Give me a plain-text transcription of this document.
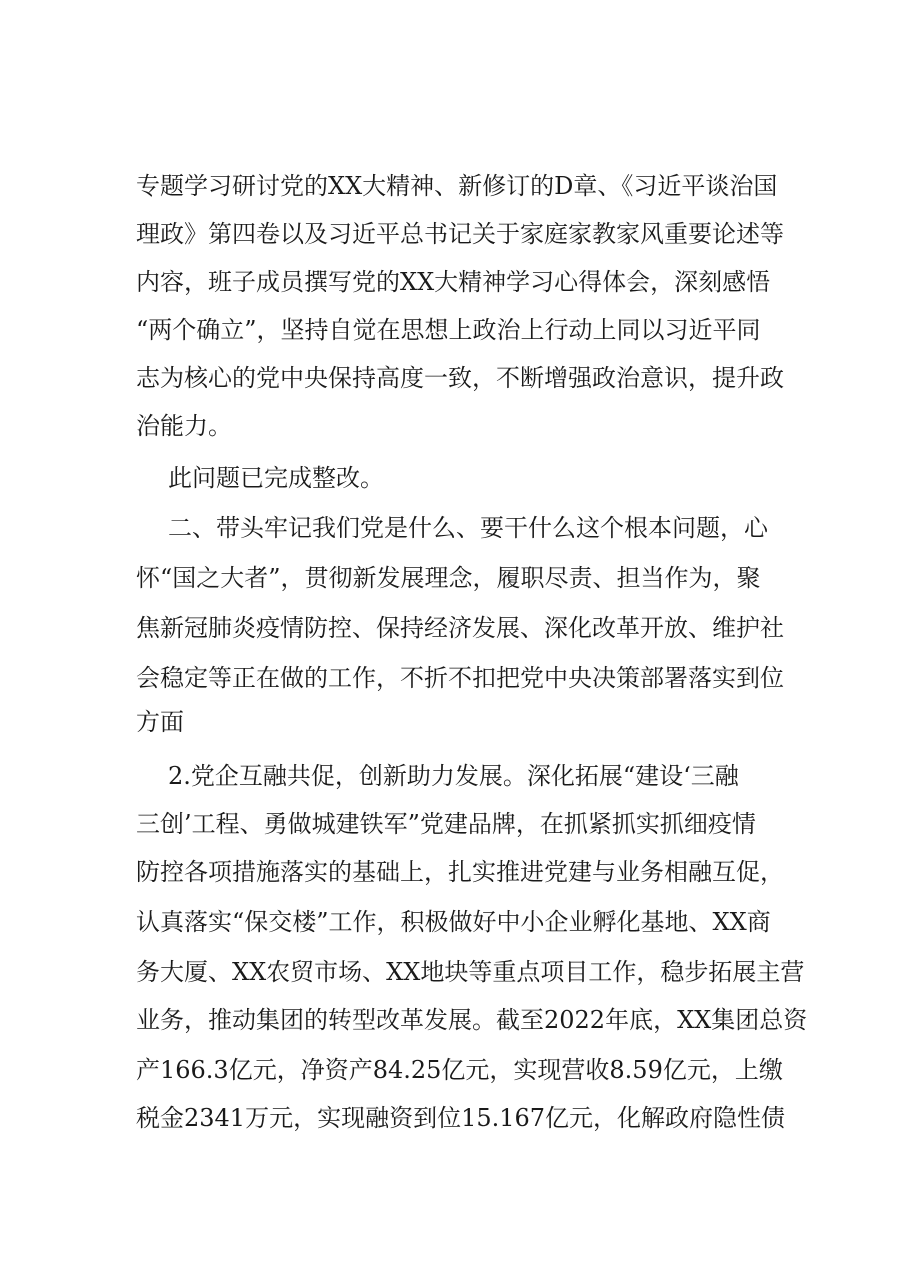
专题学习研讨党的XX大精神、新修订的D章、《习近平谈治国
理政》第四卷以及习近平总书记关于家庭家教家风重要论述等
内容，班子成员撰写党的XX大精神学习心得体会，深刻感悟
“两个确立”，坚持自觉在思想上政治上行动上同以习近平同
志为核心的党中央保持高度一致，不断增强政治意识，提升政
治能力。
此问题已完成整改。
二、带头牢记我们党是什么、要干什么这个根本问题，心
怀“国之大者”，贯彻新发展理念，履职尽责、担当作为，聚
焦新冠肺炎疫情防控、保持经济发展、深化改革开放、维护社
会稳定等正在做的工作，不折不扣把党中央决策部署落实到位
方面
2.党企互融共促，创新助力发展。深化拓展“建设‘三融
三创’工程、勇做城建铁军”党建品牌，在抓紧抓实抓细疫情
防控各项措施落实的基础上，扎实推进党建与业务相融互促，
认真落实“保交楼”工作，积极做好中小企业孵化基地、XX商
务大厦、XX农贸市场、XX地块等重点项目工作，稳步拓展主营
业务，推动集团的转型改革发展。截至2022年底，XX集团总资
产166.3亿元，净资产84.25亿元，实现营收8.59亿元，上缴
税金2341万元，实现融资到位15.167亿元，化解政府隐性债
